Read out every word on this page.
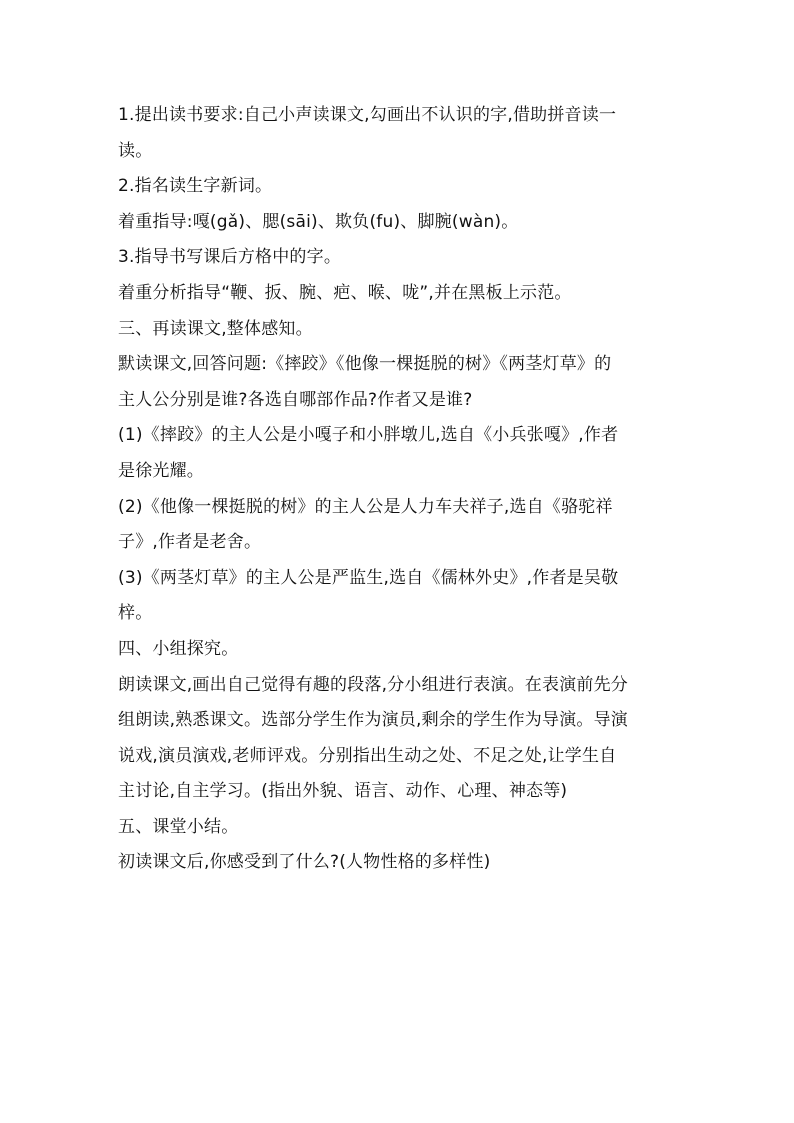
1.提出读书要求:自己小声读课文,勾画出不认识的字,借助拼音读一
读。
2.指名读生字新词。
着重指导:嘎(gǎ)、腮(sāi)、欺负(fu)、脚腕(wàn)。
3.指导书写课后方格中的字。
着重分析指导“鞭、扳、腕、疤、喉、咙”,并在黑板上示范。
三、再读课文,整体感知。
默读课文,回答问题:《摔跤》《他像一棵挺脱的树》《两茎灯草》的
主人公分别是谁?各选自哪部作品?作者又是谁?
(1)《摔跤》的主人公是小嘎子和小胖墩儿,选自《小兵张嘎》,作者
是徐光耀。
(2)《他像一棵挺脱的树》的主人公是人力车夫祥子,选自《骆驼祥
子》,作者是老舍。
(3)《两茎灯草》的主人公是严监生,选自《儒林外史》,作者是吴敬
梓。
四、小组探究。
朗读课文,画出自己觉得有趣的段落,分小组进行表演。在表演前先分
组朗读,熟悉课文。选部分学生作为演员,剩余的学生作为导演。导演
说戏,演员演戏,老师评戏。分别指出生动之处、不足之处,让学生自
主讨论,自主学习。(指出外貌、语言、动作、心理、神态等)
五、课堂小结。
初读课文后,你感受到了什么?(人物性格的多样性)
